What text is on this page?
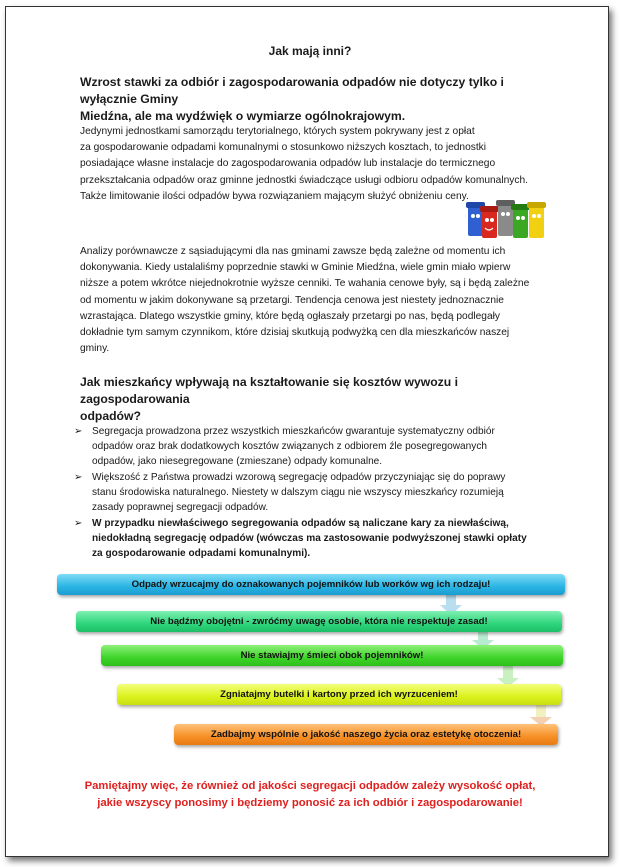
Jak mają inni?
Wzrost stawki za odbiór i zagospodarowania odpadów nie dotyczy tylko i wyłącznie Gminy
Miedźna, ale ma wydźwięk o wymiarze ogólnokrajowym.
Jedynymi jednostkami samorządu terytorialnego, których system pokrywany jest z opłat
za gospodarowanie odpadami komunalnymi o stosunkowo niższych kosztach, to jednostki
posiadające własne instalacje do zagospodarowania odpadów lub instalacje do termicznego
przekształcania odpadów oraz gminne jednostki świadczące usługi odbioru odpadów komunalnych.
Także limitowanie ilości odpadów bywa rozwiązaniem mającym służyć obniżeniu ceny.
Analizy porównawcze z sąsiadującymi dla nas gminami zawsze będą zależne od momentu ich
dokonywania. Kiedy ustalaliśmy poprzednie stawki w Gminie Miedźna, wiele gmin miało wpierw
niższe a potem wkrótce niejednokrotnie wyższe cenniki. Te wahania cenowe były, są i będą zależne
od momentu w jakim dokonywane są przetargi. Tendencja cenowa jest niestety jednoznacznie
wzrastająca. Dlatego wszystkie gminy, które będą ogłaszały przetargi po nas, będą podlegały
dokładnie tym samym czynnikom, które dzisiaj skutkują podwyżką cen dla mieszkańców naszej
gminy.
Jak mieszkańcy wpływają na kształtowanie się kosztów wywozu i zagospodarowania
odpadów?
➢ Segregacja prowadzona przez wszystkich mieszkańców gwarantuje systematyczny odbiór
odpadów oraz brak dodatkowych kosztów związanych z odbiorem źle posegregowanych
odpadów, jako niesegregowane (zmieszane) odpady komunalne.
➢ Większość z Państwa prowadzi wzorową segregację odpadów przyczyniając się do poprawy
stanu środowiska naturalnego. Niestety w dalszym ciągu nie wszyscy mieszkańcy rozumieją
zasady poprawnej segregacji odpadów.
➢ W przypadku niewłaściwego segregowania odpadów są naliczane kary za niewłaściwą,
niedokładną segregację odpadów (wówczas ma zastosowanie podwyższonej stawki opłaty
za gospodarowanie odpadami komunalnymi).
Odpady wrzucajmy do oznakowanych pojemników lub worków wg ich rodzaju!
Nie bądźmy obojętni - zwróćmy uwagę osobie, która nie respektuje zasad!
Nie stawiajmy śmieci obok pojemników!
Zgniatajmy butelki i kartony przed ich wyrzuceniem!
Zadbajmy wspólnie o jakość naszego życia oraz estetykę otoczenia!
Pamiętajmy więc, że również od jakości segregacji odpadów zależy wysokość opłat,
jakie wszyscy ponosimy i będziemy ponosić za ich odbiór i zagospodarowanie!
